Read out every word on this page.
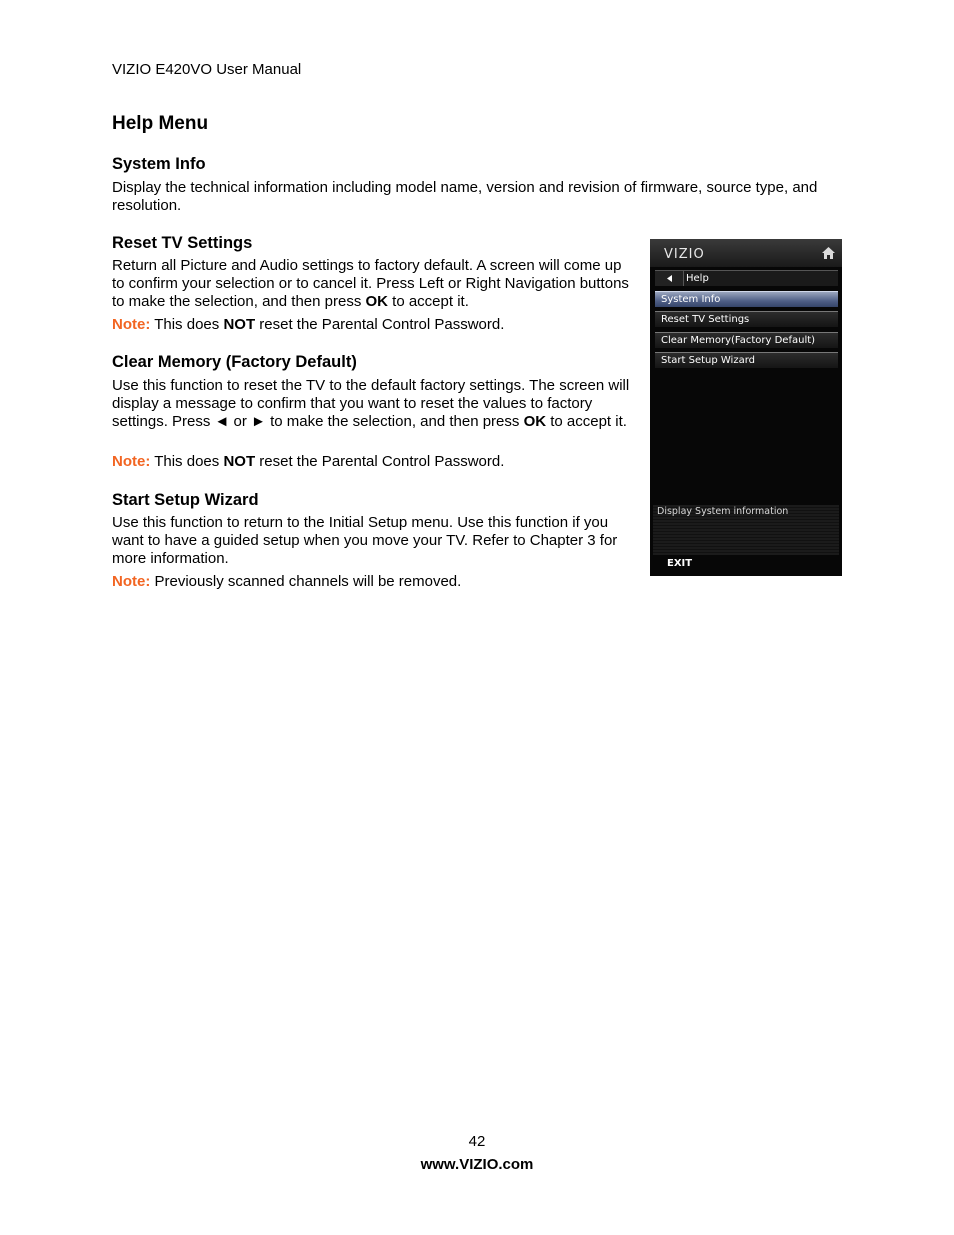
VIZIO E420VO User Manual
Help Menu
System Info

Display the technical information including model name, version and revision of firmware, source type, and resolution.

Reset TV Settings

Return all Picture and Audio settings to factory default. A screen will come up to confirm your selection or to cancel it. Press Left or Right Navigation buttons to make the selection, and then press OK to accept it.

Note: This does NOT reset the Parental Control Password.

Clear Memory (Factory Default)

Use this function to reset the TV to the default factory settings. The screen will display a message to confirm that you want to reset the values to factory settings. Press ◄ or ► to make the selection, and then press OK to accept it.

Note: This does NOT reset the Parental Control Password.

Start Setup Wizard

Use this function to return to the Initial Setup menu. Use this function if you want to have a guided setup when you move your TV. Refer to Chapter 3 for more information.

Note: Previously scanned channels will be removed.

VIZIO
Help
System Info
Reset TV Settings
Clear Memory(Factory Default)
Start Setup Wizard
Display System information
EXIT
42
www.VIZIO.com
